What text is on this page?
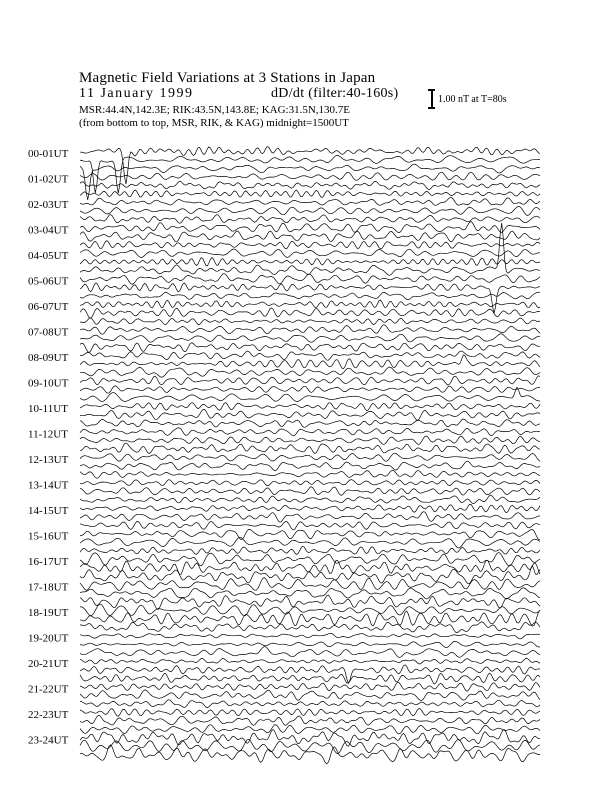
Magnetic Field Variations at 3 Stations in Japan
11 January 1999	dD/dt (filter:40-160s)
MSR:44.4N,142.3E; RIK:43.5N,143.8E; KAG:31.5N,130.7E
(from bottom to top, MSR, RIK, & KAG) midnight=1500UT
1.00 nT at T=80s
00-01UT
01-02UT
02-03UT
03-04UT
04-05UT
05-06UT
06-07UT
07-08UT
08-09UT
09-10UT
10-11UT
11-12UT
12-13UT
13-14UT
14-15UT
15-16UT
16-17UT
17-18UT
18-19UT
19-20UT
20-21UT
21-22UT
22-23UT
23-24UT
